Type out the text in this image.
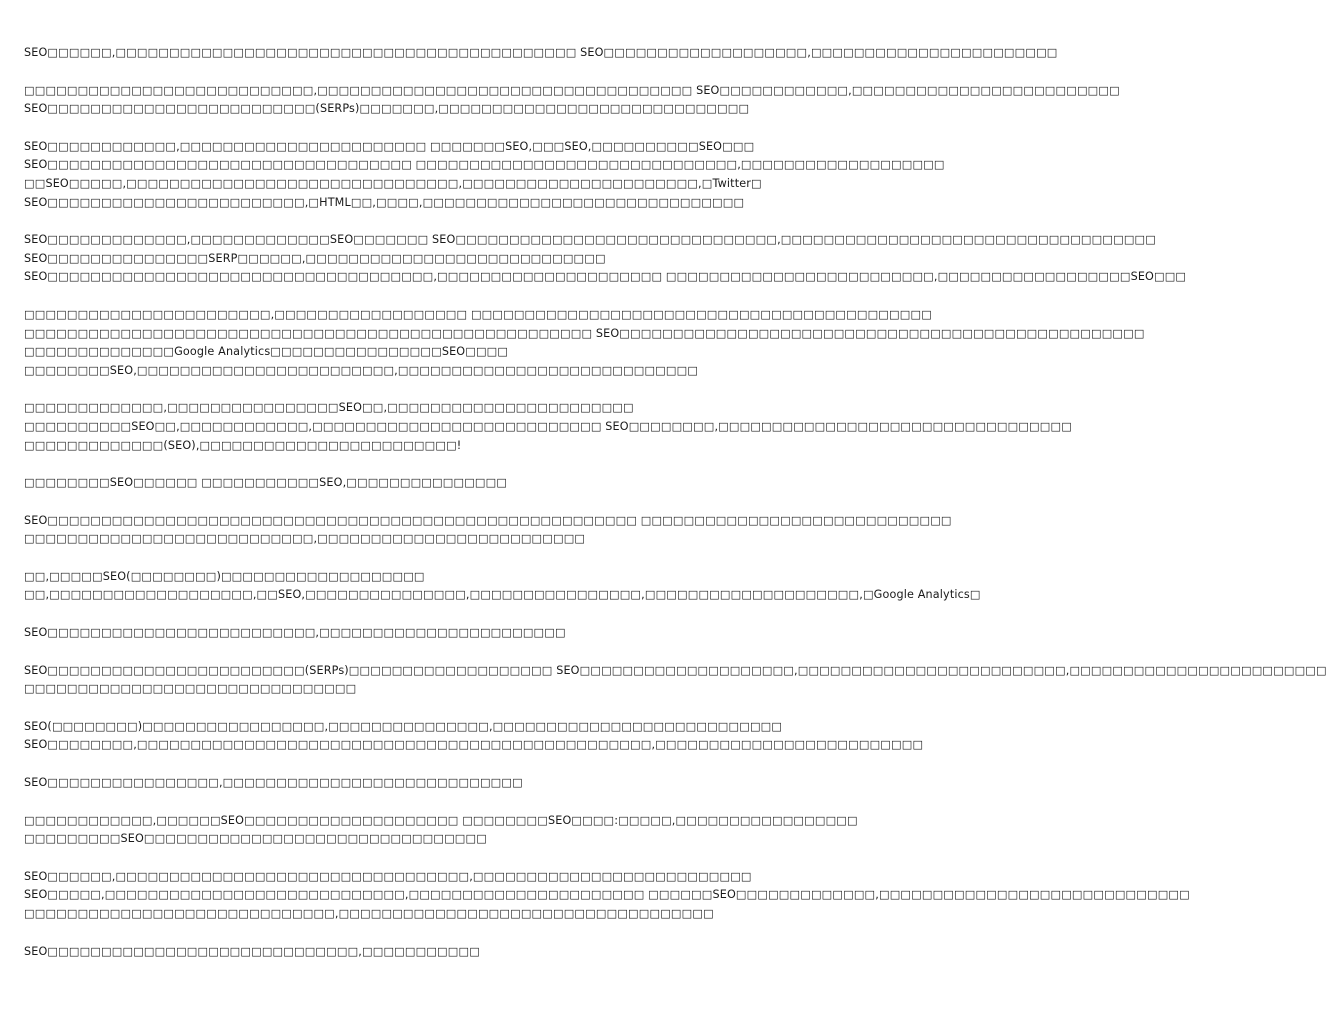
SEO□□□□□□,□□□□□□□□□□□□□□□□□□□□□□□□□□□□□□□□□□□□□□□□□□□ SEO□□□□□□□□□□□□□□□□□□□,□□□□□□□□□□□□□□□□□□□□□□□
□□□□□□□□□□□□□□□□□□□□□□□□□□□,□□□□□□□□□□□□□□□□□□□□□□□□□□□□□□□□□□□ SEO□□□□□□□□□□□□,□□□□□□□□□□□□□□□□□□□□□□□□□
SEO□□□□□□□□□□□□□□□□□□□□□□□□□(SERPs)□□□□□□□,□□□□□□□□□□□□□□□□□□□□□□□□□□□□□
SEO□□□□□□□□□□□□,□□□□□□□□□□□□□□□□□□□□□□□ □□□□□□□SEO,□□□SEO,□□□□□□□□□□SEO□□□
SEO□□□□□□□□□□□□□□□□□□□□□□□□□□□□□□□□□□ □□□□□□□□□□□□□□□□□□□□□□□□□□□□□□,□□□□□□□□□□□□□□□□□□□
□□SEO□□□□□,□□□□□□□□□□□□□□□□□□□□□□□□□□□□□□□,□□□□□□□□□□□□□□□□□□□□□□,□Twitter□
SEO□□□□□□□□□□□□□□□□□□□□□□□□,□HTML□□,□□□□,□□□□□□□□□□□□□□□□□□□□□□□□□□□□□□
SEO□□□□□□□□□□□□□,□□□□□□□□□□□□□SEO□□□□□□□ SEO□□□□□□□□□□□□□□□□□□□□□□□□□□□□□□,□□□□□□□□□□□□□□□□□□□□□□□□□□□□□□□□□□□
SEO□□□□□□□□□□□□□□□SERP□□□□□□,□□□□□□□□□□□□□□□□□□□□□□□□□□□□
SEO□□□□□□□□□□□□□□□□□□□□□□□□□□□□□□□□□□□□,□□□□□□□□□□□□□□□□□□□□□ □□□□□□□□□□□□□□□□□□□□□□□□□,□□□□□□□□□□□□□□□□□□SEO□□□
□□□□□□□□□□□□□□□□□□□□□□□,□□□□□□□□□□□□□□□□□□ □□□□□□□□□□□□□□□□□□□□□□□□□□□□□□□□□□□□□□□□□□□
□□□□□□□□□□□□□□□□□□□□□□□□□□□□□□□□□□□□□□□□□□□□□□□□□□□□□ SEO□□□□□□□□□□□□□□□□□□□□□□□□□□□□□□□□□□□□□□□□□□□□□□□□□
□□□□□□□□□□□□□□Google Analytics□□□□□□□□□□□□□□□□SEO□□□□
□□□□□□□□SEO,□□□□□□□□□□□□□□□□□□□□□□□□,□□□□□□□□□□□□□□□□□□□□□□□□□□□□
□□□□□□□□□□□□□,□□□□□□□□□□□□□□□□SEO□□,□□□□□□□□□□□□□□□□□□□□□□□
□□□□□□□□□□SEO□□,□□□□□□□□□□□□,□□□□□□□□□□□□□□□□□□□□□□□□□□□ SEO□□□□□□□□,□□□□□□□□□□□□□□□□□□□□□□□□□□□□□□□□□
□□□□□□□□□□□□□(SEO),□□□□□□□□□□□□□□□□□□□□□□□□!
□□□□□□□□SEO□□□□□□ □□□□□□□□□□□SEO,□□□□□□□□□□□□□□□
SEO□□□□□□□□□□□□□□□□□□□□□□□□□□□□□□□□□□□□□□□□□□□□□□□□□□□□□□□ □□□□□□□□□□□□□□□□□□□□□□□□□□□□□
□□□□□□□□□□□□□□□□□□□□□□□□□□□,□□□□□□□□□□□□□□□□□□□□□□□□□
□□,□□□□□SEO(□□□□□□□□)□□□□□□□□□□□□□□□□□□□
□□,□□□□□□□□□□□□□□□□□□□,□□SEO,□□□□□□□□□□□□□□□,□□□□□□□□□□□□□□□□,□□□□□□□□□□□□□□□□□□□□,□Google Analytics□
SEO□□□□□□□□□□□□□□□□□□□□□□□□□,□□□□□□□□□□□□□□□□□□□□□□□
SEO□□□□□□□□□□□□□□□□□□□□□□□□(SERPs)□□□□□□□□□□□□□□□□□□□ SEO□□□□□□□□□□□□□□□□□□□□,□□□□□□□□□□□□□□□□□□□□□□□□□,□□□□□□□□□□□□□□□□□□□□□□□□
□□□□□□□□□□□□□□□□□□□□□□□□□□□□□□□
SEO(□□□□□□□□)□□□□□□□□□□□□□□□□□,□□□□□□□□□□□□□□□,□□□□□□□□□□□□□□□□□□□□□□□□□□□
SEO□□□□□□□□,□□□□□□□□□□□□□□□□□□□□□□□□□□□□□□□□□□□□□□□□□□□□□□□□,□□□□□□□□□□□□□□□□□□□□□□□□□
SEO□□□□□□□□□□□□□□□□,□□□□□□□□□□□□□□□□□□□□□□□□□□□□
□□□□□□□□□□□□,□□□□□□SEO□□□□□□□□□□□□□□□□□□□□ □□□□□□□□SEO□□□□:□□□□□,□□□□□□□□□□□□□□□□□
□□□□□□□□□SEO□□□□□□□□□□□□□□□□□□□□□□□□□□□□□□□□
SEO□□□□□□,□□□□□□□□□□□□□□□□□□□□□□□□□□□□□□□□□,□□□□□□□□□□□□□□□□□□□□□□□□□□
SEO□□□□□,□□□□□□□□□□□□□□□□□□□□□□□□□□□□,□□□□□□□□□□□□□□□□□□□□□□ □□□□□□SEO□□□□□□□□□□□□□,□□□□□□□□□□□□□□□□□□□□□□□□□□□□□
□□□□□□□□□□□□□□□□□□□□□□□□□□□□□,□□□□□□□□□□□□□□□□□□□□□□□□□□□□□□□□□□□
SEO□□□□□□□□□□□□□□□□□□□□□□□□□□□□□,□□□□□□□□□□□
